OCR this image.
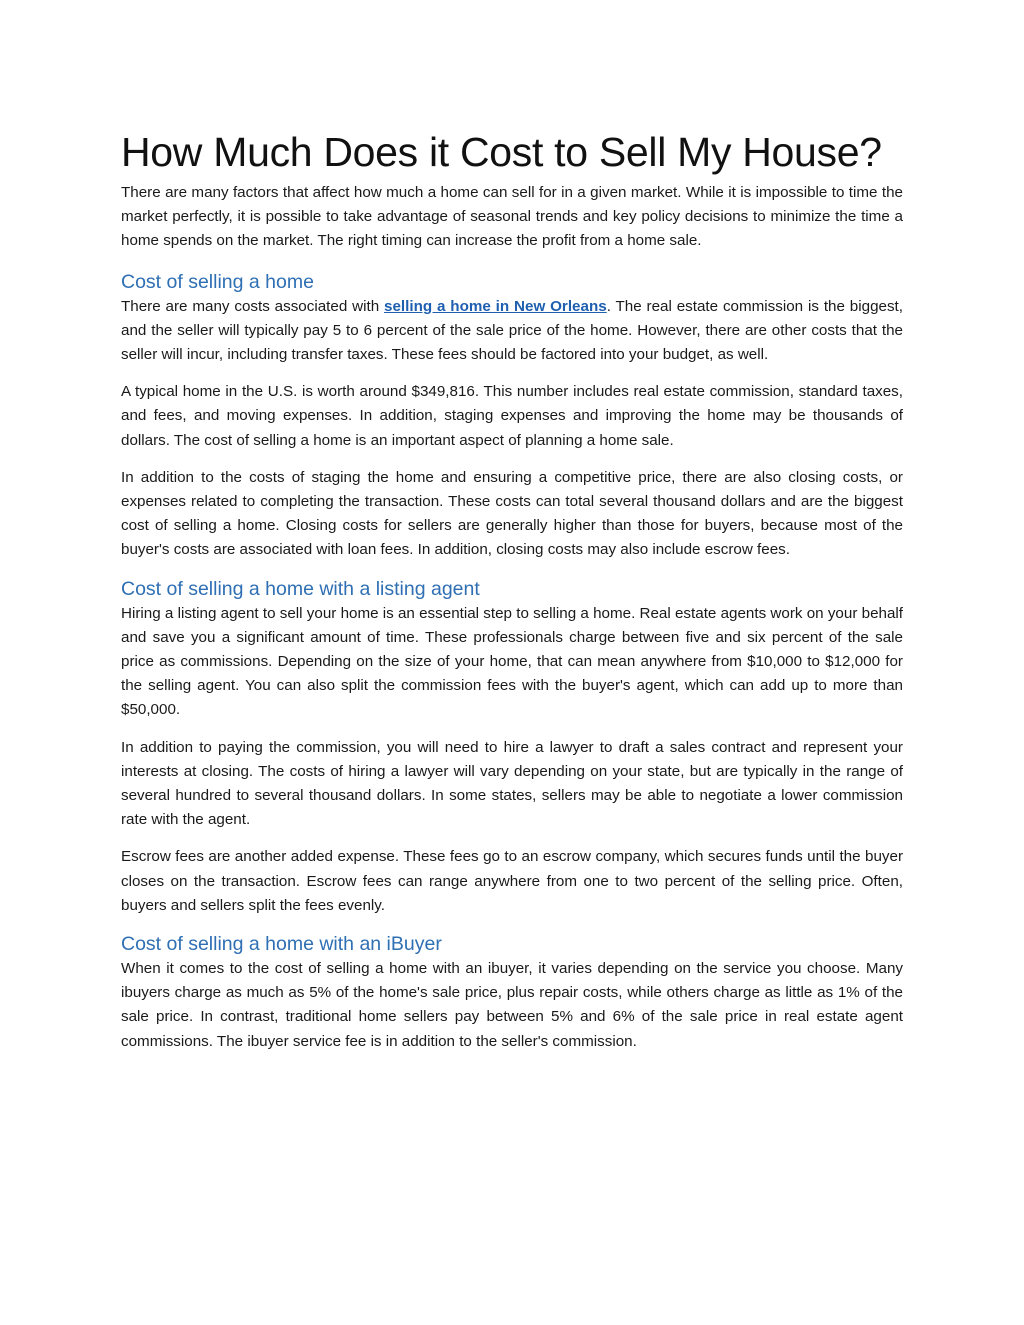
How Much Does it Cost to Sell My House?

There are many factors that affect how much a home can sell for in a given market. While it is impossible to time the market perfectly, it is possible to take advantage of seasonal trends and key policy decisions to minimize the time a home spends on the market. The right timing can increase the profit from a home sale.

Cost of selling a home

There are many costs associated with selling a home in New Orleans. The real estate commission is the biggest, and the seller will typically pay 5 to 6 percent of the sale price of the home. However, there are other costs that the seller will incur, including transfer taxes. These fees should be factored into your budget, as well.

A typical home in the U.S. is worth around $349,816. This number includes real estate commission, standard taxes, and fees, and moving expenses. In addition, staging expenses and improving the home may be thousands of dollars. The cost of selling a home is an important aspect of planning a home sale.

In addition to the costs of staging the home and ensuring a competitive price, there are also closing costs, or expenses related to completing the transaction. These costs can total several thousand dollars and are the biggest cost of selling a home. Closing costs for sellers are generally higher than those for buyers, because most of the buyer's costs are associated with loan fees. In addition, closing costs may also include escrow fees.

Cost of selling a home with a listing agent

Hiring a listing agent to sell your home is an essential step to selling a home. Real estate agents work on your behalf and save you a significant amount of time. These professionals charge between five and six percent of the sale price as commissions. Depending on the size of your home, that can mean anywhere from $10,000 to $12,000 for the selling agent. You can also split the commission fees with the buyer's agent, which can add up to more than $50,000.

In addition to paying the commission, you will need to hire a lawyer to draft a sales contract and represent your interests at closing. The costs of hiring a lawyer will vary depending on your state, but are typically in the range of several hundred to several thousand dollars. In some states, sellers may be able to negotiate a lower commission rate with the agent.

Escrow fees are another added expense. These fees go to an escrow company, which secures funds until the buyer closes on the transaction. Escrow fees can range anywhere from one to two percent of the selling price. Often, buyers and sellers split the fees evenly.

Cost of selling a home with an iBuyer

When it comes to the cost of selling a home with an ibuyer, it varies depending on the service you choose. Many ibuyers charge as much as 5% of the home's sale price, plus repair costs, while others charge as little as 1% of the sale price. In contrast, traditional home sellers pay between 5% and 6% of the sale price in real estate agent commissions. The ibuyer service fee is in addition to the seller's commission.
